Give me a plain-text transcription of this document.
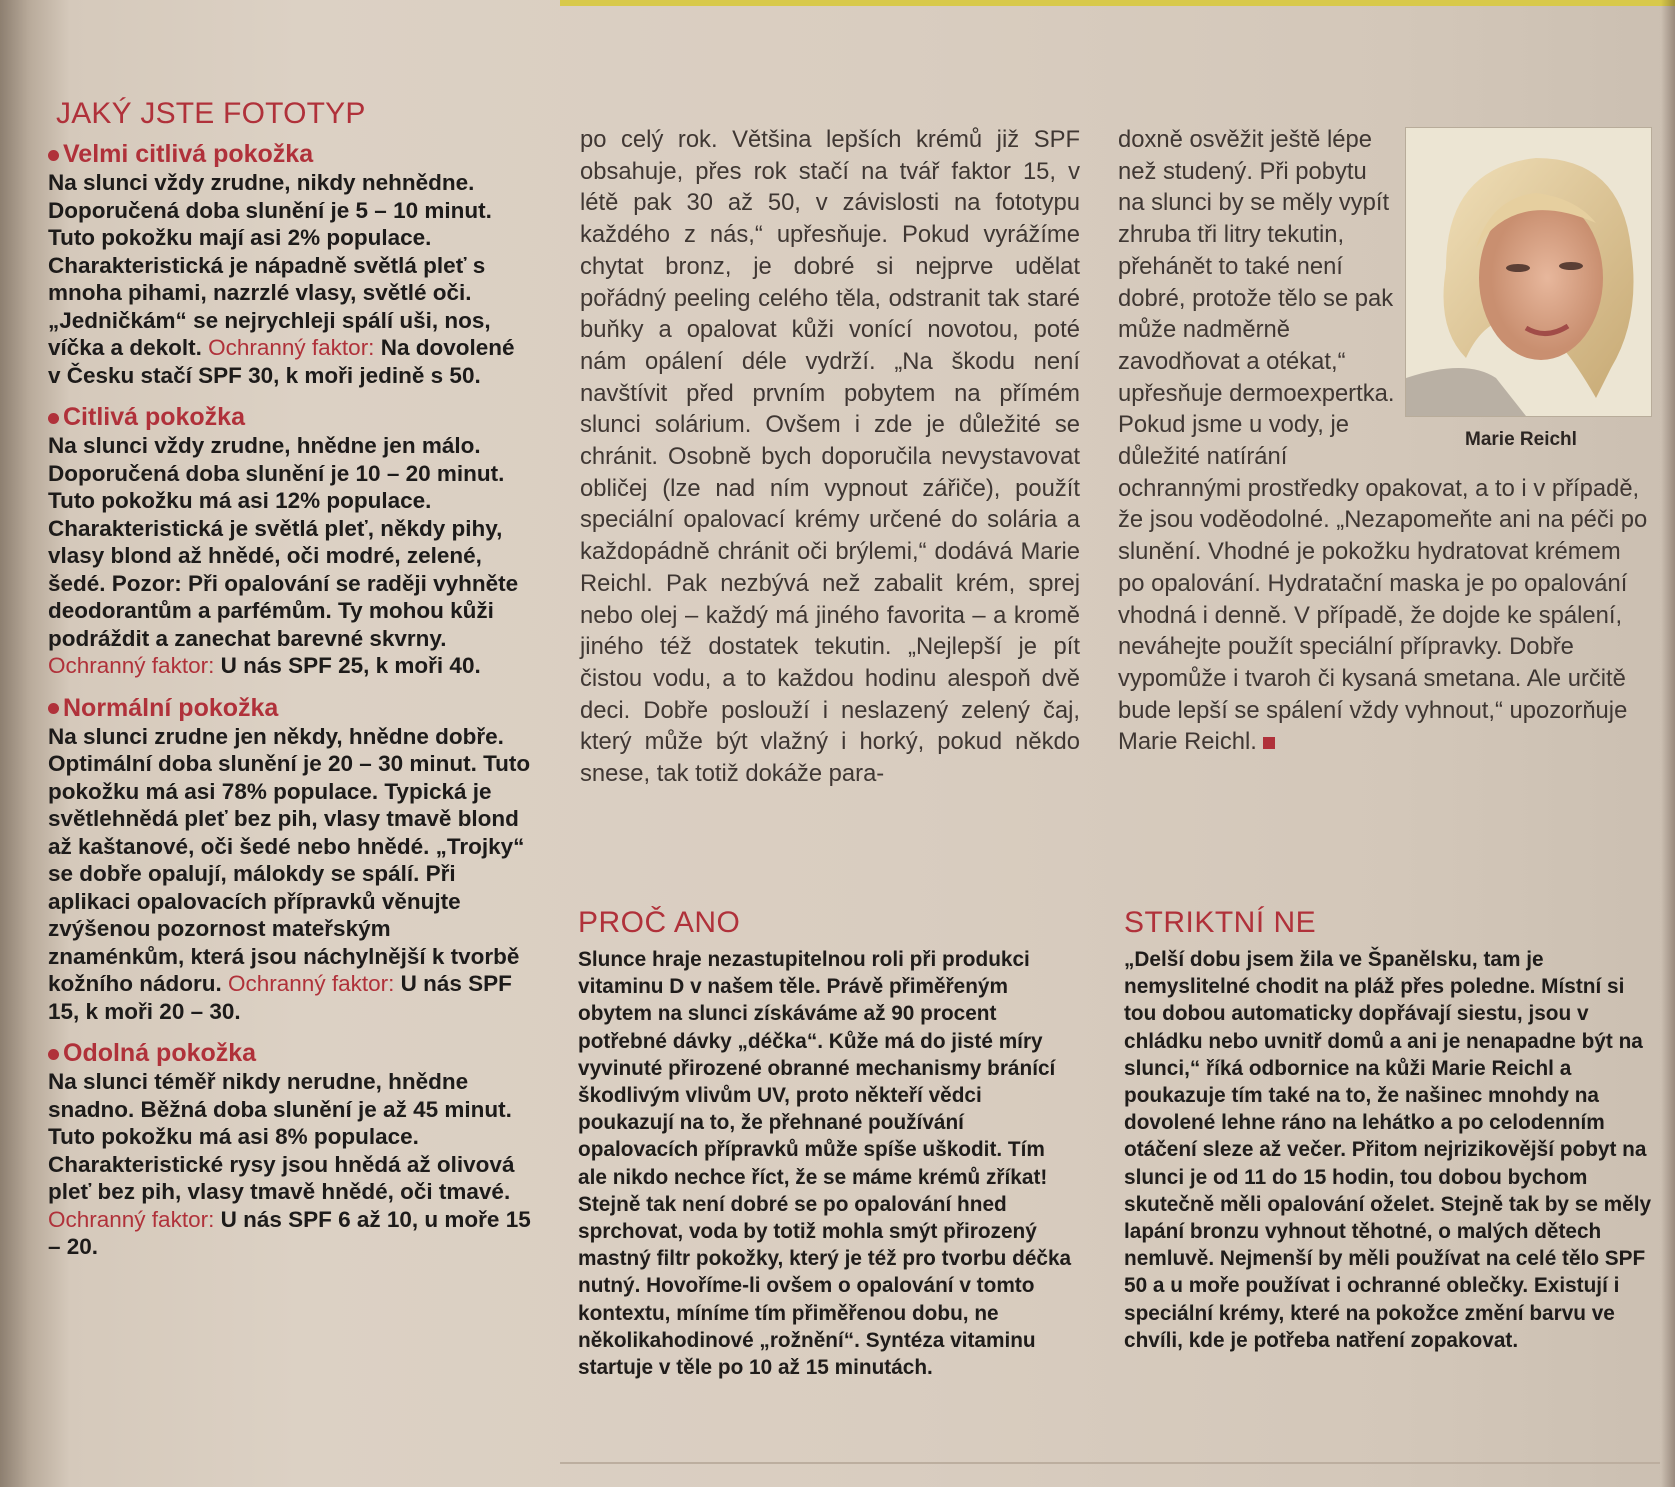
JAKÝ JSTE FOTOTYP
Velmi citlivá pokožka

Na slunci vždy zrudne, nikdy nehnědne. Doporučená doba slunění je 5 – 10 minut. Tuto pokožku mají asi 2% populace. Charakteristická je nápadně světlá pleť s mnoha pihami, nazrzlé vlasy, světlé oči. „Jedničkám“ se nejrychleji spálí uši, nos, víčka a dekolt. Ochranný faktor: Na dovolené v Česku stačí SPF 30, k moři jedině s 50.

Citlivá pokožka

Na slunci vždy zrudne, hnědne jen málo. Doporučená doba slunění je 10 – 20 minut. Tuto pokožku má asi 12% populace. Charakteristická je světlá pleť, někdy pihy, vlasy blond až hnědé, oči modré, zelené, šedé. Pozor: Při opalování se raději vyhněte deodorantům a parfémům. Ty mohou kůži podráždit a zanechat barevné skvrny. Ochranný faktor: U nás SPF 25, k moři 40.

Normální pokožka

Na slunci zrudne jen někdy, hnědne dobře. Optimální doba slunění je 20 – 30 minut. Tuto pokožku má asi 78% populace. Typická je světlehnědá pleť bez pih, vlasy tmavě blond až kaštanové, oči šedé nebo hnědé. „Trojky“ se dobře opalují, málokdy se spálí. Při aplikaci opalovacích přípravků věnujte zvýšenou pozornost mateřským znaménkům, která jsou náchylnější k tvorbě kožního nádoru. Ochranný faktor: U nás SPF 15, k moři 20 – 30.

Odolná pokožka

Na slunci téměř nikdy nerudne, hnědne snadno. Běžná doba slunění je až 45 minut. Tuto pokožku má asi 8% populace. Charakteristické rysy jsou hnědá až olivová pleť bez pih, vlasy tmavě hnědé, oči tmavé. Ochranný faktor: U nás SPF 6 až 10, u moře 15 – 20.

po celý rok. Většina lepších krémů již SPF obsahuje, přes rok stačí na tvář faktor 15, v létě pak 30 až 50, v závislosti na fototypu každého z nás,“ upřesňuje. Pokud vyrážíme chytat bronz, je dobré si nejprve udělat pořádný peeling celého těla, odstranit tak staré buňky a opalovat kůži vonící novotou, poté nám opálení déle vydrží. „Na škodu není navštívit před prvním pobytem na přímém slunci solárium. Ovšem i zde je důležité se chránit. Osobně bych doporučila nevystavovat obličej (lze nad ním vypnout zářiče), použít speciální opalovací krémy určené do solária a každopádně chránit oči brýlemi,“ dodává Marie Reichl. Pak nezbývá než zabalit krém, sprej nebo olej – každý má jiného favorita – a kromě jiného též dostatek tekutin. „Nejlepší je pít čistou vodu, a to každou hodinu alespoň dvě deci. Dobře poslouží i neslazený zelený čaj, který může být vlažný i horký, pokud někdo snese, tak totiž dokáže para-
Marie Reichl
doxně osvěžit ještě lépe než studený. Při pobytu na slunci by se měly vypít zhruba tři litry tekutin, přehánět to také není dobré, protože tělo se pak může nadměrně zavodňovat a otékat,“ upřesňuje dermoexpertka. Pokud jsme u vody, je důležité natírání ochrannými prostředky opakovat, a to i v případě, že jsou voděodolné. „Nezapomeňte ani na péči po slunění. Vhodné je pokožku hydratovat krémem po opalování. Hydratační maska je po opalování vhodná i denně. V případě, že dojde ke spálení, neváhejte použít speciální přípravky. Dobře vypomůže i tvaroh či kysaná smetana. Ale určitě bude lepší se spálení vždy vyhnout,“ upozorňuje Marie Reichl.
PROČ ANO
Slunce hraje nezastupitelnou roli při produkci vitaminu D v našem těle. Právě přiměřeným obytem na slunci získáváme až 90 procent potřebné dávky „déčka“. Kůže má do jisté míry vyvinuté přirozené obranné mechanismy bránící škodlivým vlivům UV, proto někteří vědci poukazují na to, že přehnané používání opalovacích přípravků může spíše uškodit. Tím ale nikdo nechce říct, že se máme krémů zříkat! Stejně tak není dobré se po opalování hned sprchovat, voda by totiž mohla smýt přirozený mastný filtr pokožky, který je též pro tvorbu déčka nutný. Hovoříme-li ovšem o opalování v tomto kontextu, míníme tím přiměřenou dobu, ne několikahodinové „rožnění“. Syntéza vitaminu startuje v těle po 10 až 15 minutách.
STRIKTNÍ NE
„Delší dobu jsem žila ve Španělsku, tam je nemyslitelné chodit na pláž přes poledne. Místní si tou dobou automaticky dopřávají siestu, jsou v chládku nebo uvnitř domů a ani je nenapadne být na slunci,“ říká odbornice na kůži Marie Reichl a poukazuje tím také na to, že našinec mnohdy na dovolené lehne ráno na lehátko a po celodenním otáčení sleze až večer. Přitom nejrizikovější pobyt na slunci je od 11 do 15 hodin, tou dobou bychom skutečně měli opalování oželet. Stejně tak by se měly lapání bronzu vyhnout těhotné, o malých dětech nemluvě. Nejmenší by měli používat na celé tělo SPF 50 a u moře používat i ochranné oblečky. Existují i speciální krémy, které na pokožce změní barvu ve chvíli, kde je potřeba natření zopakovat.
